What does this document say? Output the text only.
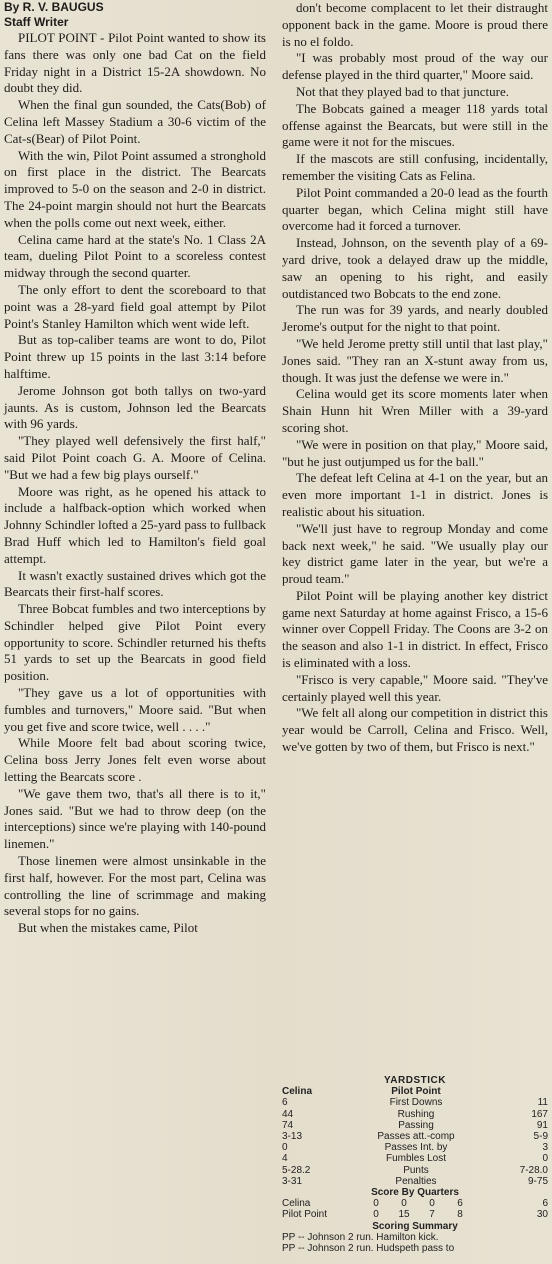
By R. V. BAUGUS
Staff Writer

PILOT POINT - Pilot Point wanted to show its fans there was only one bad Cat on the field Friday night in a District 15-2A showdown. No doubt they did.

When the final gun sounded, the Cats(Bob) of Celina left Massey Stadium a 30-6 victim of the Cat-s(Bear) of Pilot Point.

With the win, Pilot Point assumed a stronghold on first place in the district. The Bearcats improved to 5-0 on the season and 2-0 in district. The 24-point margin should not hurt the Bearcats when the polls come out next week, either.

Celina came hard at the state's No. 1 Class 2A team, dueling Pilot Point to a scoreless contest midway through the second quarter.

The only effort to dent the scoreboard to that point was a 28-yard field goal attempt by Pilot Point's Stanley Hamilton which went wide left.

But as top-caliber teams are wont to do, Pilot Point threw up 15 points in the last 3:14 before halftime.

Jerome Johnson got both tallys on two-yard jaunts. As is custom, Johnson led the Bearcats with 96 yards.

"They played well defensively the first half," said Pilot Point coach G. A. Moore of Celina. "But we had a few big plays ourself."

Moore was right, as he opened his attack to include a halfback-option which worked when Johnny Schindler lofted a 25-yard pass to fullback Brad Huff which led to Hamilton's field goal attempt.

It wasn't exactly sustained drives which got the Bearcats their first-half scores.

Three Bobcat fumbles and two interceptions by Schindler helped give Pilot Point every opportunity to score. Schindler returned his thefts 51 yards to set up the Bearcats in good field position.

"They gave us a lot of opportunities with fumbles and turnovers," Moore said. "But when you get five and score twice, well . . . ."

While Moore felt bad about scoring twice, Celina boss Jerry Jones felt even worse about letting the Bearcats score .

"We gave them two, that's all there is to it," Jones said. "But we had to throw deep (on the interceptions) since we're playing with 140-pound linemen."

Those linemen were almost unsinkable in the first half, however. For the most part, Celina was controlling the line of scrimmage and making several stops for no gains.

But when the mistakes came, Pilot

don't become complacent to let their distraught opponent back in the game. Moore is proud there is no el foldo.

"I was probably most proud of the way our defense played in the third quarter," Moore said.

Not that they played bad to that juncture.

The Bobcats gained a meager 118 yards total offense against the Bearcats, but were still in the game were it not for the miscues.

If the mascots are still confusing, incidentally, remember the visiting Cats as Felina.

Pilot Point commanded a 20-0 lead as the fourth quarter began, which Celina might still have overcome had it forced a turnover.

Instead, Johnson, on the seventh play of a 69-yard drive, took a delayed draw up the middle, saw an opening to his right, and easily outdistanced two Bobcats to the end zone.

The run was for 39 yards, and nearly doubled Jerome's output for the night to that point.

"We held Jerome pretty still until that last play," Jones said. "They ran an X-stunt away from us, though. It was just the defense we were in."

Celina would get its score moments later when Shain Hunn hit Wren Miller with a 39-yard scoring shot.

"We were in position on that play," Moore said, "but he just outjumped us for the ball."

The defeat left Celina at 4-1 on the year, but an even more important 1-1 in district. Jones is realistic about his situation.

"We'll just have to regroup Monday and come back next week," he said. "We usually play our key district game later in the year, but we're a proud team."

Pilot Point will be playing another key district game next Saturday at home against Frisco, a 15-6 winner over Coppell Friday. The Coons are 3-2 on the season and also 1-1 in district. In effect, Frisco is eliminated with a loss.

"Frisco is very capable," Moore said. "They've certainly played well this year.

"We felt all along our competition in district this year would be Carroll, Celina and Frisco. Well, we've gotten by two of them, but Frisco is next."

YARDSTICK
Celina	Pilot Point
6	First Downs	11
44	Rushing	167
74	Passing	91
3-13	Passes att.-comp	5-9
0	Passes Int. by	3
4	Fumbles Lost	0
5-28.2	Punts	7-28.0
3-31	Penalties	9-75
Score By Quarters
Celina	0	0	0	6	6
Pilot Point	0	15	7	8	30
Scoring Summary
PP -- Johnson 2 run. Hamilton kick.
PP -- Johnson 2 run. Hudspeth pass to
